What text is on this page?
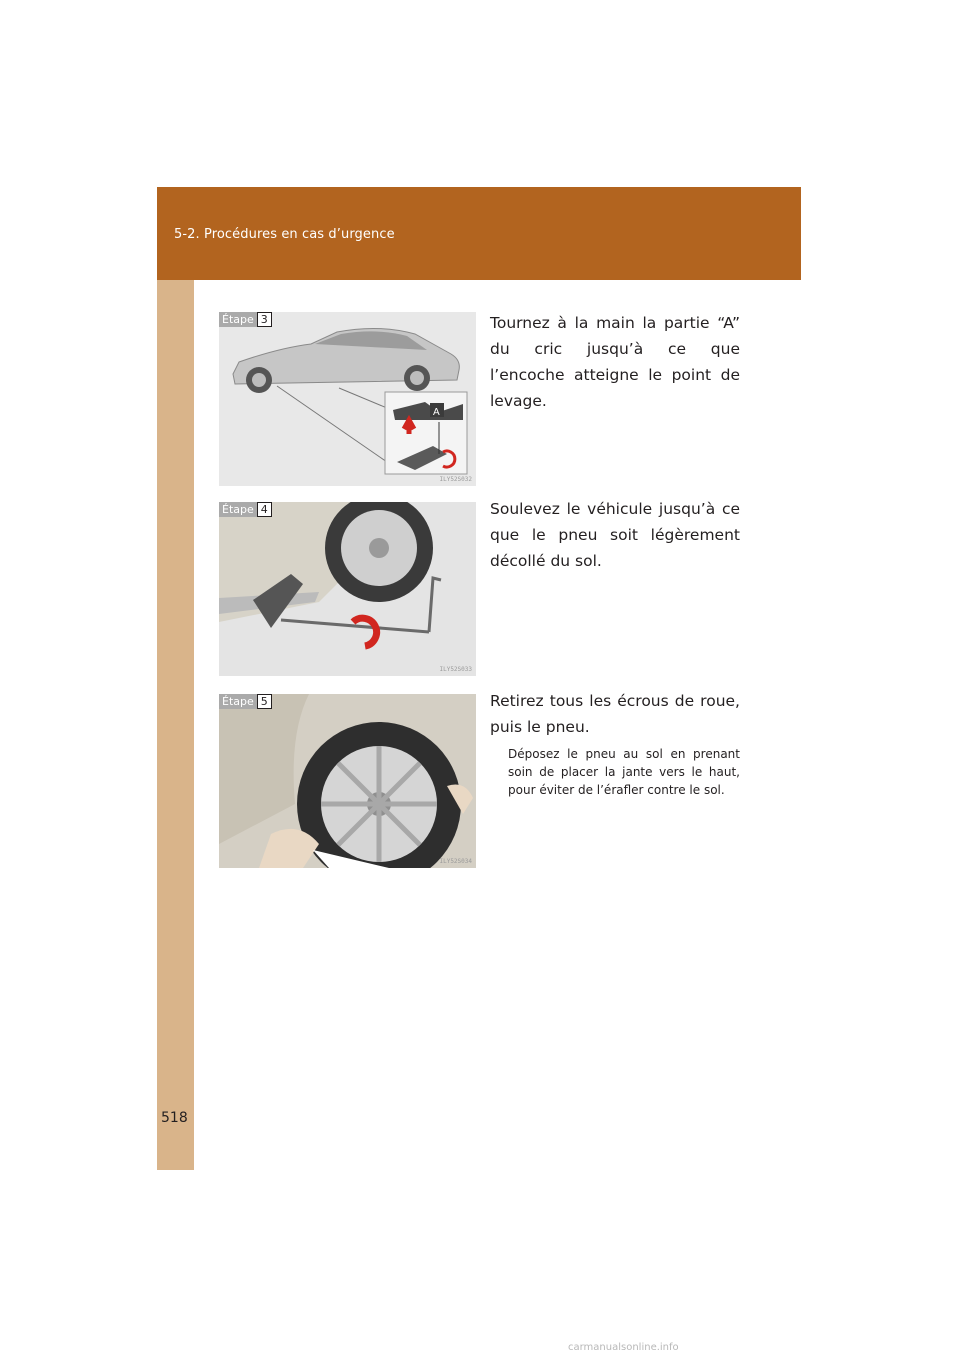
5-2. Procédures en cas d’urgence
A
Étape 3
ILY52S032
Tournez à la main la partie “A” du cric jusqu’à ce que l’encoche atteigne le point de levage.
Étape 4
ILY52S033
Soulevez le véhicule jusqu’à ce que le pneu soit légèrement décollé du sol.
Étape 5
ILY52S034
Retirez tous les écrous de roue, puis le pneu.
Déposez le pneu au sol en prenant soin de placer la jante vers le haut, pour éviter de l’érafler contre le sol.
518
carmanualsonline.info
